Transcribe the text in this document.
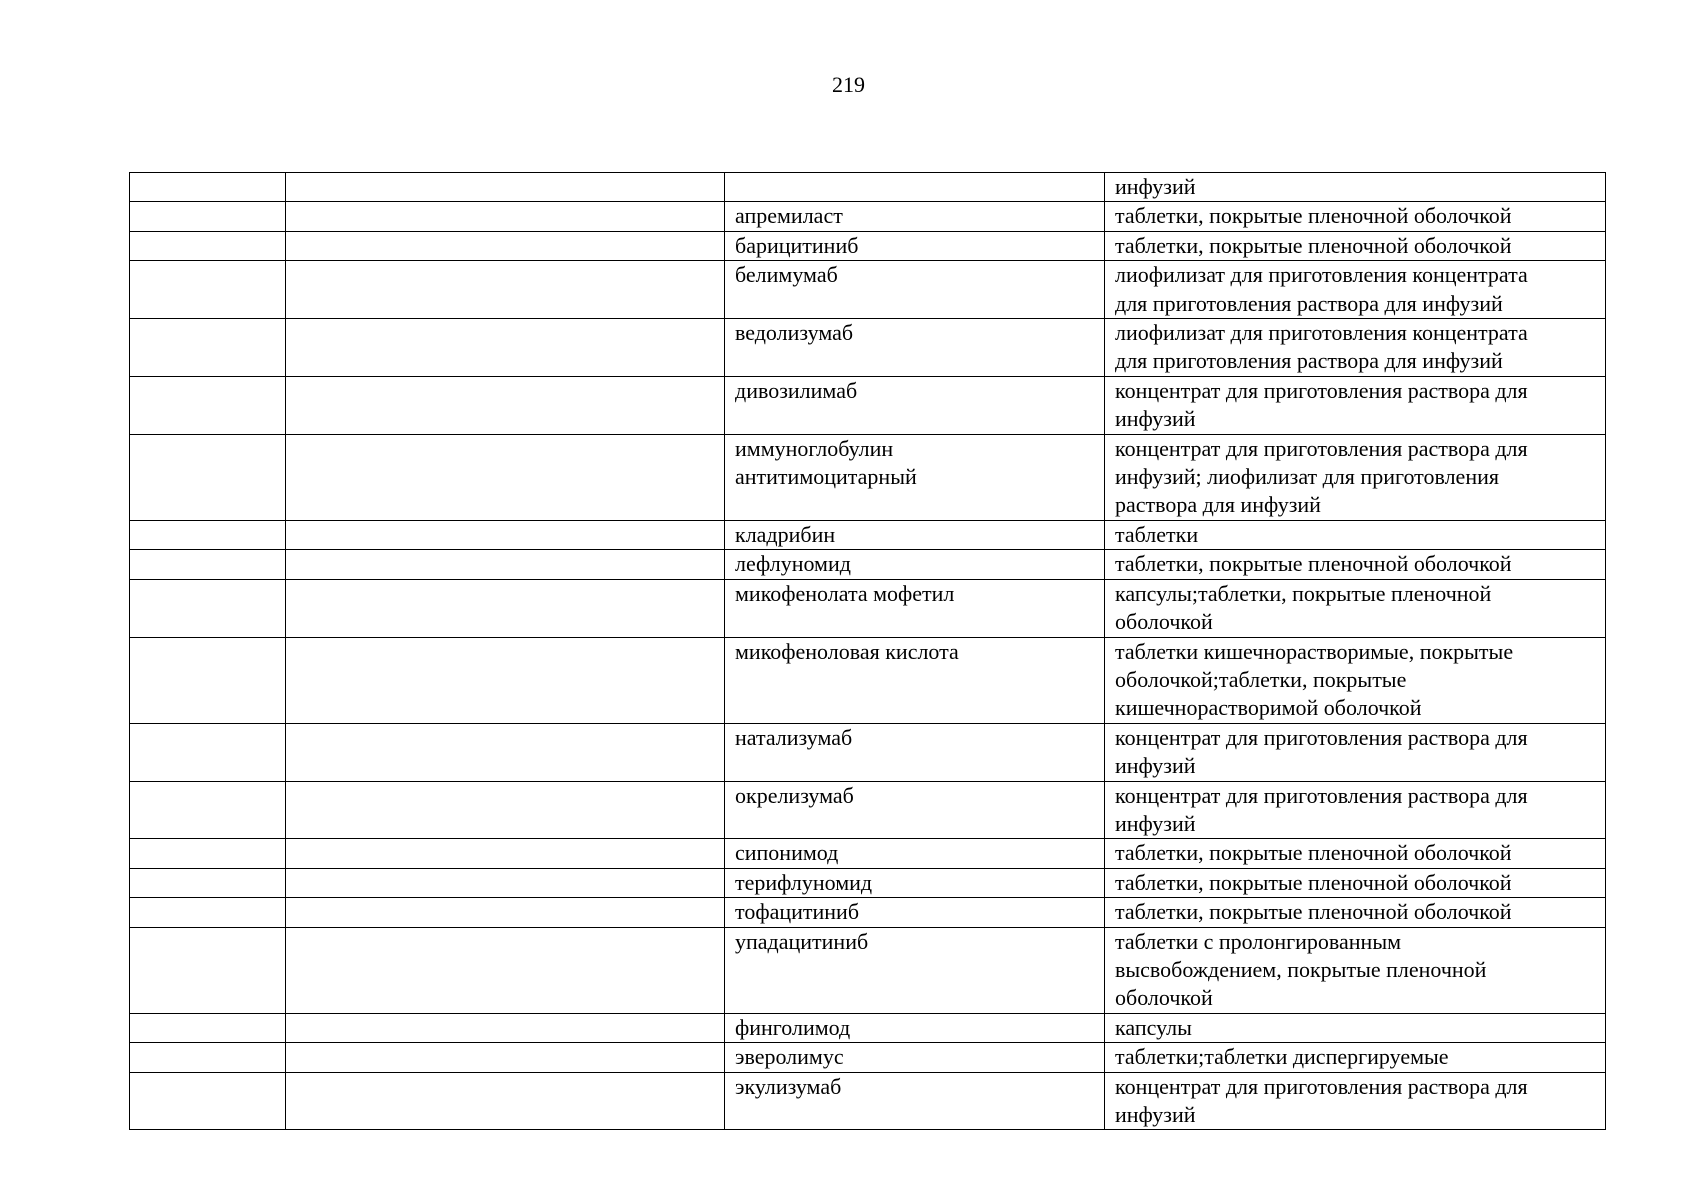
219
			инфузий
		апремиласт	таблетки, покрытые пленочной оболочкой
		барицитиниб	таблетки, покрытые пленочной оболочкой
		белимумаб	лиофилизат для приготовления концентрата
для приготовления раствора для инфузий
		ведолизумаб	лиофилизат для приготовления концентрата
для приготовления раствора для инфузий
		дивозилимаб	концентрат для приготовления раствора для
инфузий
		иммуноглобулин
антитимоцитарный	концентрат для приготовления раствора для
инфузий; лиофилизат для приготовления
раствора для инфузий
		кладрибин	таблетки
		лефлуномид	таблетки, покрытые пленочной оболочкой
		микофенолата мофетил	капсулы;таблетки, покрытые пленочной
оболочкой
		микофеноловая кислота	таблетки кишечнорастворимые, покрытые
оболочкой;таблетки, покрытые
кишечнорастворимой оболочкой
		натализумаб	концентрат для приготовления раствора для
инфузий
		окрелизумаб	концентрат для приготовления раствора для
инфузий
		сипонимод	таблетки, покрытые пленочной оболочкой
		терифлуномид	таблетки, покрытые пленочной оболочкой
		тофацитиниб	таблетки, покрытые пленочной оболочкой
		упадацитиниб	таблетки с пролонгированным
высвобождением, покрытые пленочной
оболочкой
		финголимод	капсулы
		эверолимус	таблетки;таблетки диспергируемые
		экулизумаб	концентрат для приготовления раствора для
инфузий
